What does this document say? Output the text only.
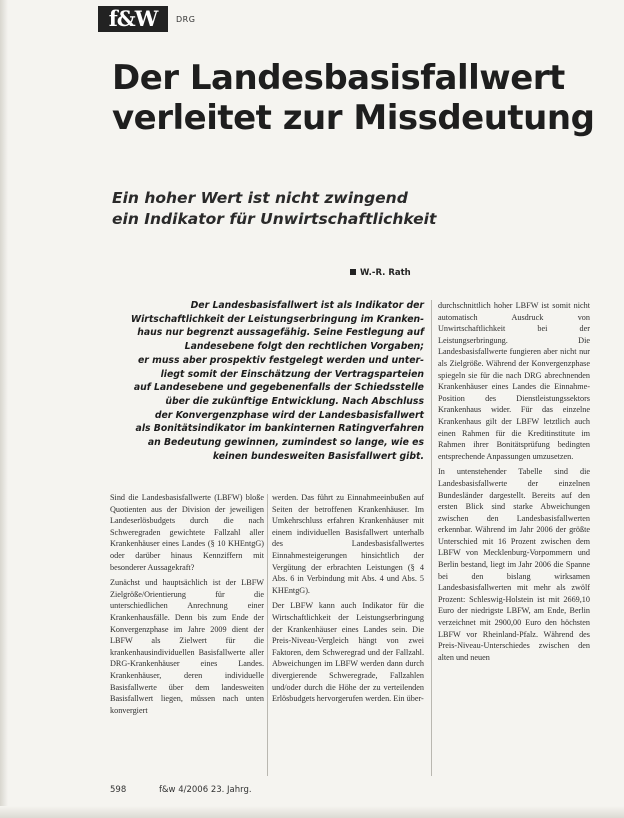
f&W	DRG
Der Landesbasisfallwert
verleitet zur Missdeutung
Ein hoher Wert ist nicht zwingend
ein Indikator für Unwirtschaftlichkeit
W.-R. Rath
Der Landesbasisfallwert ist als Indikator der
Wirtschaftlichkeit der Leistungserbringung im Kranken-
haus nur begrenzt aussagefähig. Seine Festlegung auf
Landesebene folgt den rechtlichen Vorgaben;
er muss aber prospektiv festgelegt werden und unter-
liegt somit der Einschätzung der Vertragsparteien
auf Landesebene und gegebenenfalls der Schiedsstelle
über die zukünftige Entwicklung. Nach Abschluss
der Konvergenzphase wird der Landesbasisfallwert
als Bonitätsindikator im bankinternen Ratingverfahren
an Bedeutung gewinnen, zumindest so lange, wie es
keinen bundesweiten Basisfallwert gibt.

Sind die Landesbasisfallwerte (LBFW) bloße Quotienten aus der Division der jeweiligen Landeserlösbudgets durch die nach Schweregraden gewichtete Fallzahl aller Krankenhäuser eines Landes (§ 10 KHEntgG) oder darüber hinaus Kennziffern mit besonderer Aussagekraft?

Zunächst und hauptsächlich ist der LBFW Zielgröße/Orientierung für die unterschiedlichen Anrechnung einer Krankenhausfälle. Denn bis zum Ende der Konvergenzphase im Jahre 2009 dient der LBFW als Zielwert für die krankenhausindividuellen Basisfallwerte aller DRG-Krankenhäuser eines Landes. Krankenhäuser, deren individuelle Basisfallwerte über dem landesweiten Basisfallwert liegen, müssen nach unten konvergiert

werden. Das führt zu Einnahmeeinbußen auf Seiten der betroffenen Krankenhäuser. Im Umkehrschluss erfahren Krankenhäuser mit einem individuellen Basisfallwert unterhalb des Landesbasisfallwertes Einnahmesteigerungen hinsichtlich der Vergütung der erbrachten Leistungen (§ 4 Abs. 6 in Verbindung mit Abs. 4 und Abs. 5 KHEntgG).

Der LBFW kann auch Indikator für die Wirtschaftlichkeit der Leistungserbringung der Krankenhäuser eines Landes sein. Die Preis-Niveau-Vergleich hängt von zwei Faktoren, dem Schweregrad und der Fallzahl. Abweichungen im LBFW werden dann durch divergierende Schweregrade, Fallzahlen und/oder durch die Höhe der zu verteilenden Erlösbudgets hervorgerufen werden. Ein über-

durchschnittlich hoher LBFW ist somit nicht automatisch Ausdruck von Unwirtschaftlichkeit bei der Leistungserbringung. Die Landesbasisfallwerte fungieren aber nicht nur als Zielgröße. Während der Konvergenzphase spiegeln sie für die nach DRG abrechnenden Krankenhäuser eines Landes die Einnahme-Position des Dienstleistungssektors Krankenhaus wider. Für das einzelne Krankenhaus gilt der LBFW letztlich auch einen Rahmen für die Kreditinstitute im Rahmen ihrer Bonitätsprüfung bedingten entsprechende Anpassungen umzusetzen.

In untenstehender Tabelle sind die Landesbasisfallwerte der einzelnen Bundesländer dargestellt. Bereits auf den ersten Blick sind starke Abweichungen zwischen den Landesbasisfallwerten erkennbar. Während im Jahr 2006 der größte Unterschied mit 16 Prozent zwischen dem LBFW von Mecklenburg-Vorpommern und Berlin bestand, liegt im Jahr 2006 die Spanne bei den bislang wirksamen Landesbasisfallwerten mit mehr als zwölf Prozent: Schleswig-Holstein ist mit 2669,10 Euro der niedrigste LBFW, am Ende, Berlin verzeichnet mit 2900,00 Euro den höchsten LBFW vor Rheinland-Pfalz. Während des Preis-Niveau-Unterschiedes zwischen den alten und neuen

598	f&w 4/2006 23. Jahrg.
